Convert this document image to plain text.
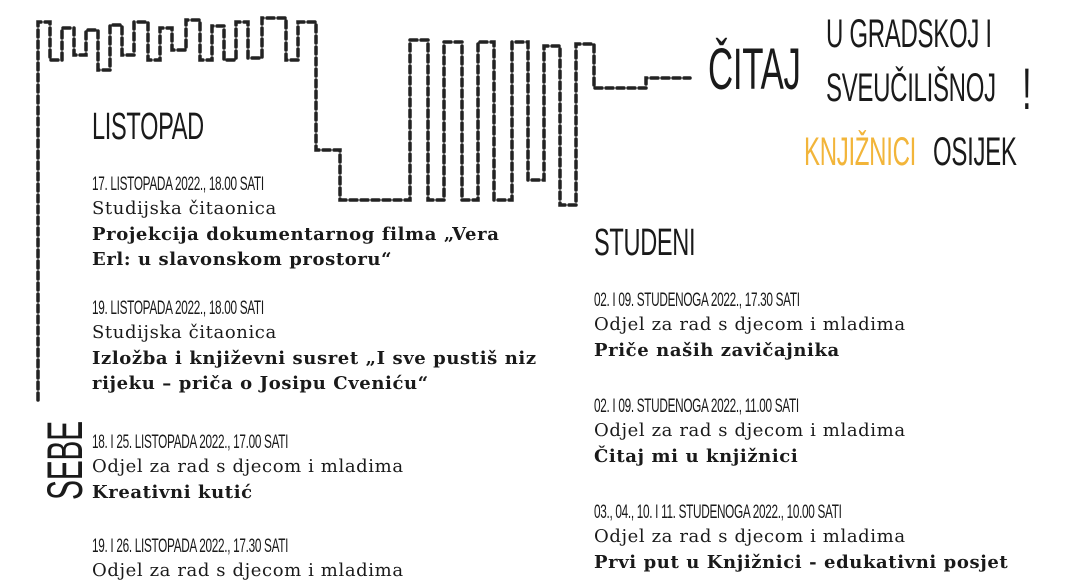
U GRADSKOJ I
ČITAJ SVEUČILIŠNOJ !
KNJIŽNICI OSIJEK
SEBE
LISTOPAD
17. LISTOPADA 2022., 18.00 SATI
Studijska čitaonica
Projekcija dokumentarnog filma „Vera Erl: u slavonskom prostoru“
19. LISTOPADA 2022., 18.00 SATI
Studijska čitaonica
Izložba i književni susret „I sve pustiš niz rijeku – priča o Josipu Cveniću“
18. I 25. LISTOPADA 2022., 17.00 SATI
Odjel za rad s djecom i mladima
Kreativni kutić
19. I 26. LISTOPADA 2022., 17.30 SATI
Odjel za rad s djecom i mladima
STUDENI
02. I 09. STUDENOGA 2022., 17.30 SATI
Odjel za rad s djecom i mladima
Priče naših zavičajnika
02. I 09. STUDENOGA 2022., 11.00 SATI
Odjel za rad s djecom i mladima
Čitaj mi u knjižnici
03., 04., 10. I 11. STUDENOGA 2022., 10.00 SATI
Odjel za rad s djecom i mladima
Prvi put u Knjižnici - edukativni posjet
